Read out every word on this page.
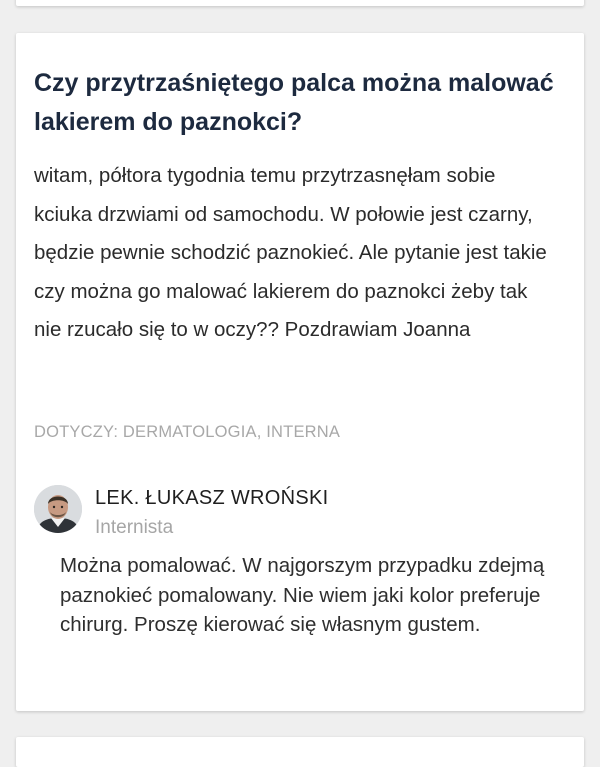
Czy przytrzaśniętego palca można malować lakierem do paznokci?

witam, półtora tygodnia temu przytrzasnęłam sobie kciuka drzwiami od samochodu. W połowie jest czarny, będzie pewnie schodzić paznokieć. Ale pytanie jest takie czy można go malować lakierem do paznokci żeby tak nie rzucało się to w oczy?? Pozdrawiam Joanna

DOTYCZY: DERMATOLOGIA, INTERNA
LEK. ŁUKASZ WROŃSKI
Internista

Można pomalować. W najgorszym przypadku zdejmą paznokieć pomalowany. Nie wiem jaki kolor preferuje chirurg. Proszę kierować się własnym gustem.
